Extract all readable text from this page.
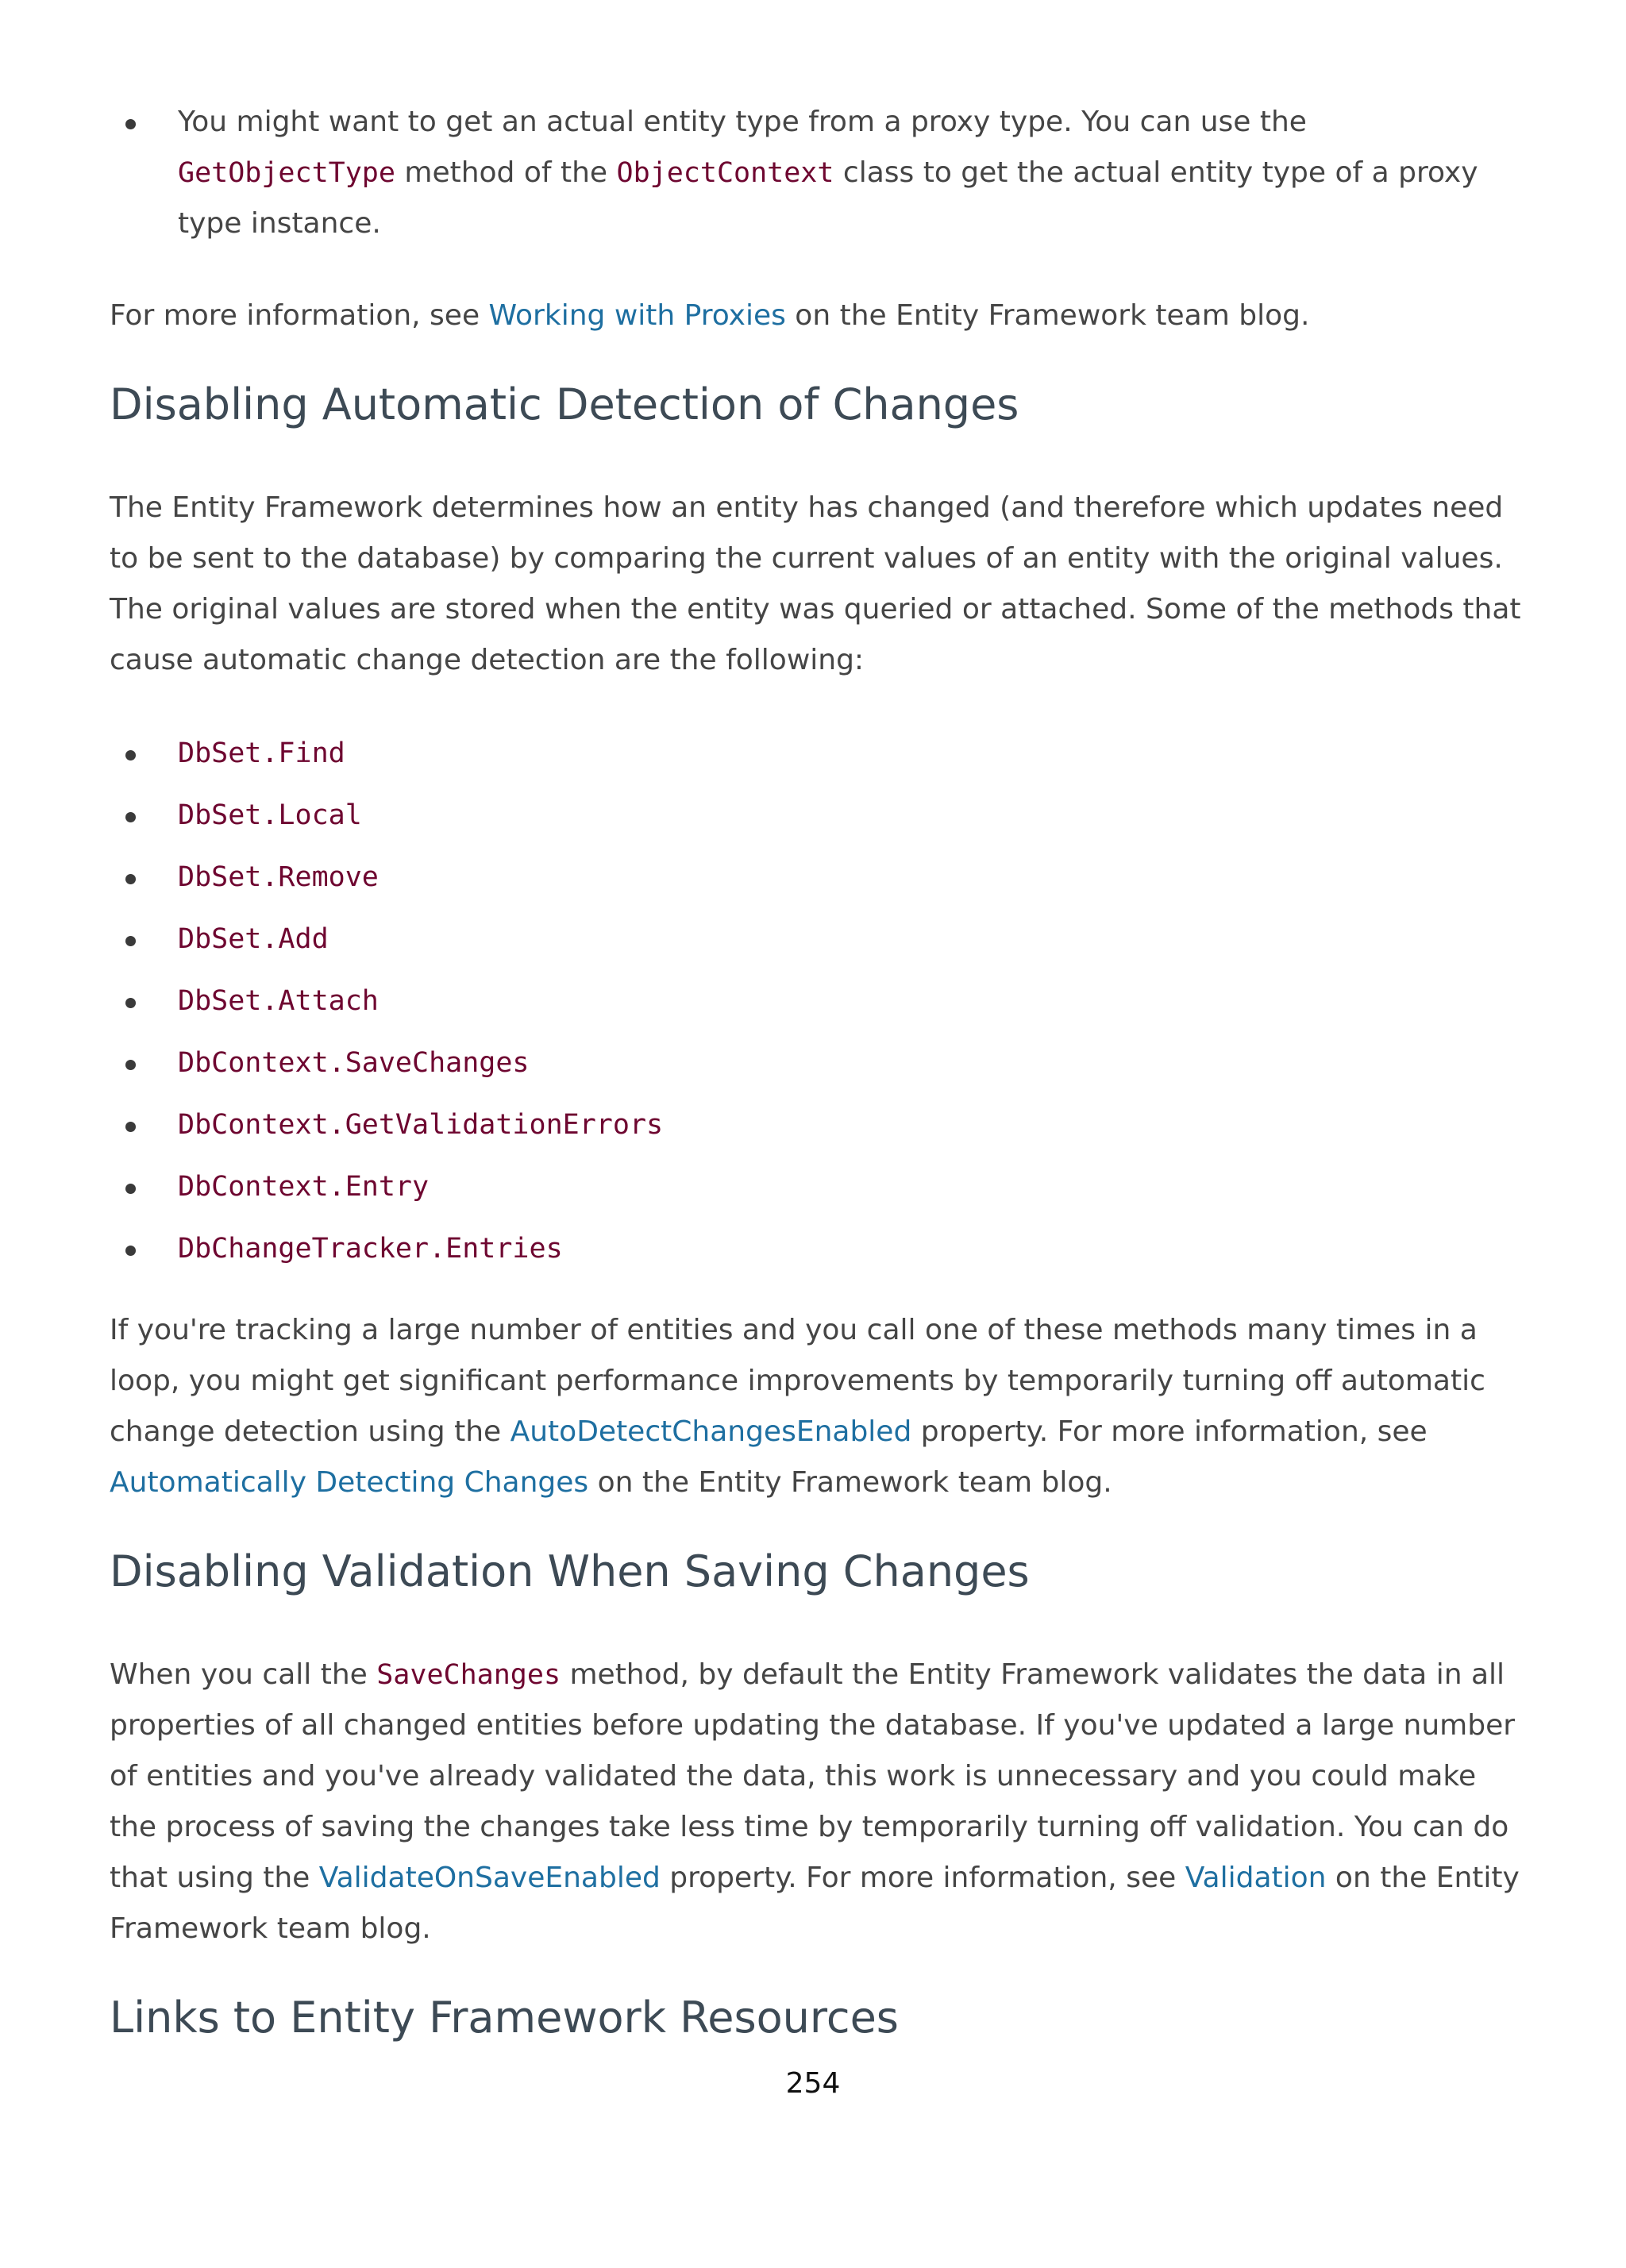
You might want to get an actual entity type from a proxy type. You can use the GetObjectType method of the ObjectContext class to get the actual entity type of a proxy type instance.

For more information, see Working with Proxies on the Entity Framework team blog.

Disabling Automatic Detection of Changes

The Entity Framework determines how an entity has changed (and therefore which updates need to be sent to the database) by comparing the current values of an entity with the original values. The original values are stored when the entity was queried or attached. Some of the methods that cause automatic change detection are the following:

DbSet.Find
DbSet.Local
DbSet.Remove
DbSet.Add
DbSet.Attach
DbContext.SaveChanges
DbContext.GetValidationErrors
DbContext.Entry
DbChangeTracker.Entries

If you're tracking a large number of entities and you call one of these methods many times in a loop, you might get significant performance improvements by temporarily turning off automatic change detection using the AutoDetectChangesEnabled property. For more information, see Automatically Detecting Changes on the Entity Framework team blog.

Disabling Validation When Saving Changes

When you call the SaveChanges method, by default the Entity Framework validates the data in all properties of all changed entities before updating the database. If you've updated a large number of entities and you've already validated the data, this work is unnecessary and you could make the process of saving the changes take less time by temporarily turning off validation. You can do that using the ValidateOnSaveEnabled property. For more information, see Validation on the Entity Framework team blog.

Links to Entity Framework Resources
254
